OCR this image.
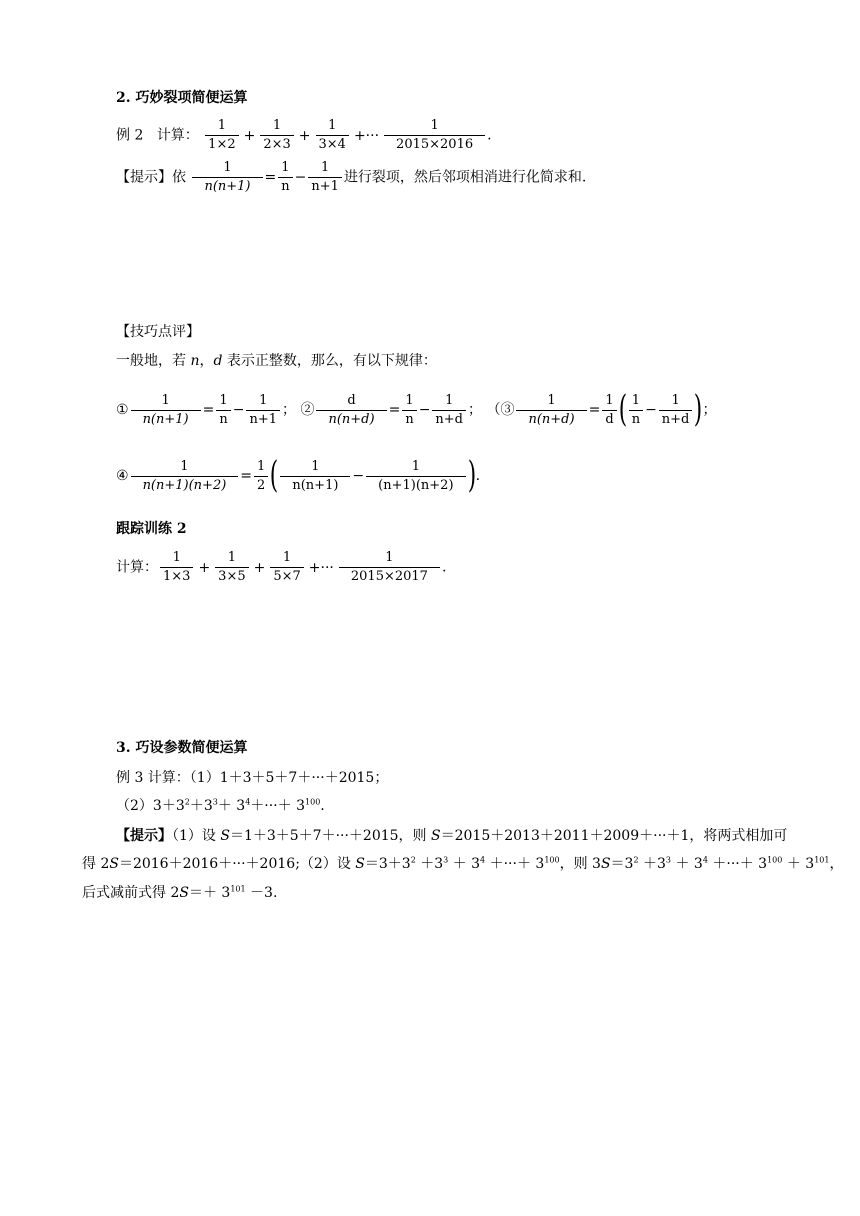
2. 巧妙裂项简便运算
例 2 计算： $\frac{1}{1\times 2} + \frac{1}{2\times 3} + \frac{1}{3\times 4}$ +··· $\frac{1}{2015\times 2016}$ .
【提示】依 $\frac{1}{n(n+1)} = \frac{1}{n} - \frac{1}{n+1}$ 进行裂项，然后邻项相消进行化简求和.
【技巧点评】
一般地，若 n，d 表示正整数，那么，有以下规律：
① $\frac{1}{n(n+1)} = \frac{1}{n} - \frac{1}{n+1}$ ； ② $\frac{d}{n(n+d)} = \frac{1}{n} - \frac{1}{n+d}$ ； （③ $\frac{1}{n(n+d)} = \frac{1}{d}$ ( $\frac{1}{n} - \frac{1}{n+d}$ )；
④ $\frac{1}{n(n+1)(n+2)} = \frac{1}{2}$ ( $\frac{1}{n(n+1)} - \frac{1}{(n+1)(n+2)}$ ).
跟踪训练 2
计算： $\frac{1}{1\times 3} + \frac{1}{3\times 5} + \frac{1}{5\times 7}$ +··· $\frac{1}{2015\times 2017}$ .
3. 巧设参数简便运算
例 3 计算：（1）1＋3＋5＋7＋···＋2015；
$(2)3+3^2+3^3+ 3^4+\cdot\cdot\cdot+ 3^{100}$.
【提示】（1）设 S＝1＋3＋5＋7＋···＋2015，则 S＝2015＋2013＋2011＋2009＋···＋1，将两式相加可
得 2S＝2016＋2016＋···＋2016;（2）设 $S=3+3^2 +3^3 + 3^4$ ＋···＋ $3^{100}$，则 $3S=3^2 +3^3 + 3^4$ ＋···＋ $3^{100} + 3^{101}$，
后式减前式得 $2S=+ 3^{101} -3$.
